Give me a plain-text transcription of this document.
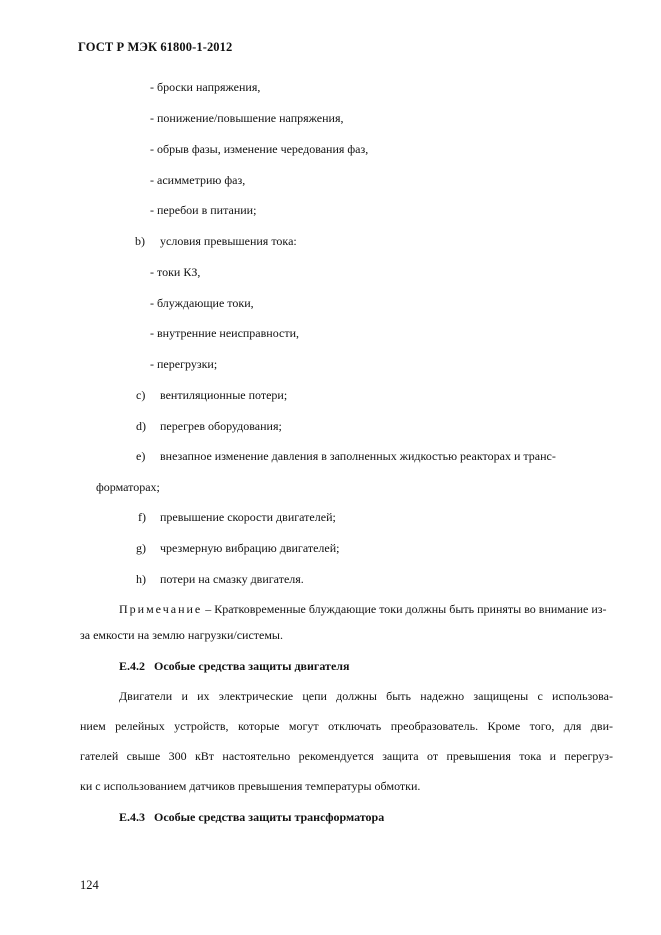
ГОСТ Р МЭК 61800-1-2012
- броски напряжения,
- понижение/повышение напряжения,
- обрыв фазы, изменение чередования фаз,
- асимметрию фаз,
- перебои в питании;
b) условия превышения тока:
- токи КЗ,
- блуждающие токи,
- внутренние неисправности,
- перегрузки;
c) вентиляционные потери;
d) перегрев оборудования;
e) внезапное изменение давления в заполненных жидкостью реакторах и транс-
форматорах;
f) превышение скорости двигателей;
g) чрезмерную вибрацию двигателей;
h) потери на смазку двигателя.
Примечание – Кратковременные блуждающие токи должны быть приняты во внимание из-
за емкости на землю нагрузки/системы.
Е.4.2 Особые средства защиты двигателя
Двигатели и их электрические цепи должны быть надежно защищены с использова-
нием релейных устройств, которые могут отключать преобразователь. Кроме того, для дви-
гателей свыше 300 кВт настоятельно рекомендуется защита от превышения тока и перегруз-
ки с использованием датчиков превышения температуры обмотки.
Е.4.3 Особые средства защиты трансформатора
124
